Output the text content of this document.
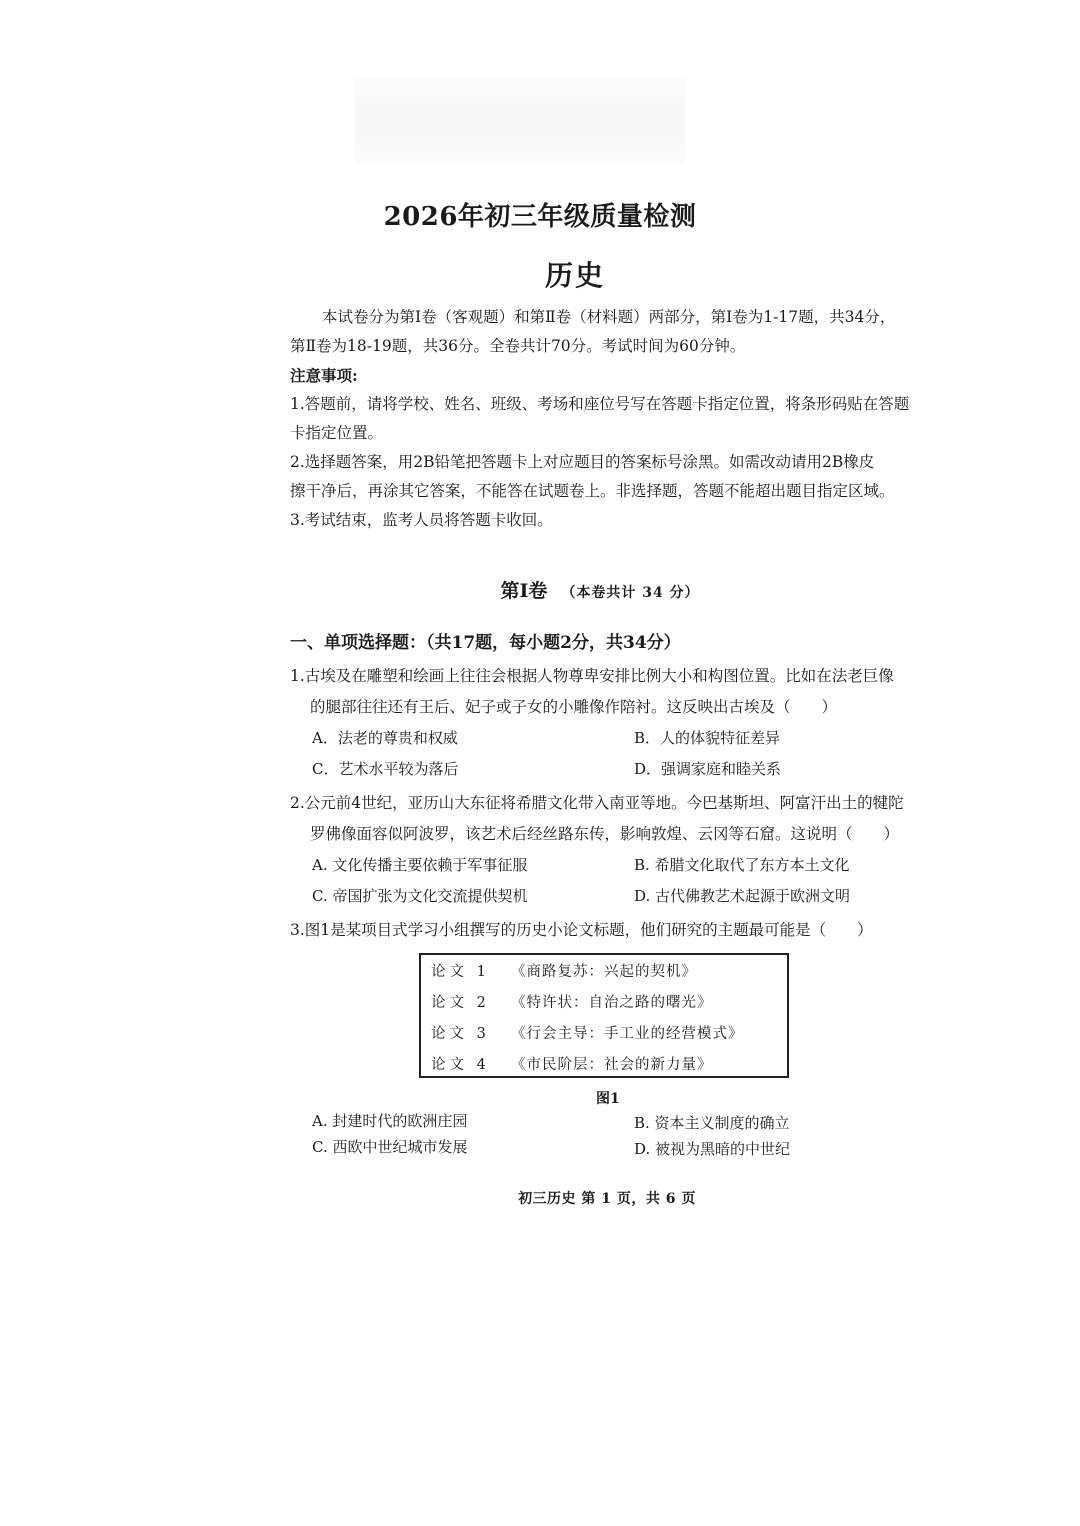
2026年初三年级质量检测
历史

本试卷分为第Ⅰ卷（客观题）和第Ⅱ卷（材料题）两部分，第Ⅰ卷为1-17题，共34分，

第Ⅱ卷为18-19题，共36分。全卷共计70分。考试时间为60分钟。

注意事项:

1.答题前，请将学校、姓名、班级、考场和座位号写在答题卡指定位置，将条形码贴在答题

卡指定位置。

2.选择题答案，用2B铅笔把答题卡上对应题目的答案标号涂黑。如需改动请用2B橡皮

擦干净后，再涂其它答案，不能答在试题卷上。非选择题，答题不能超出题目指定区域。

3.考试结束，监考人员将答题卡收回。

第Ⅰ卷 （本卷共计 34 分）
一、单项选择题：（共17题，每小题2分，共34分）

1.古埃及在雕塑和绘画上往往会根据人物尊卑安排比例大小和构图位置。比如在法老巨像

的腿部往往还有王后、妃子或子女的小雕像作陪衬。这反映出古埃及（　　）

A．法老的尊贵和权威	B．人的体貌特征差异
C．艺术水平较为落后	D．强调家庭和睦关系

2.公元前4世纪，亚历山大东征将希腊文化带入南亚等地。今巴基斯坦、阿富汗出土的犍陀

罗佛像面容似阿波罗，该艺术后经丝路东传，影响敦煌、云冈等石窟。这说明（　　）

A. 文化传播主要依赖于军事征服	B. 希腊文化取代了东方本土文化
C. 帝国扩张为文化交流提供契机	D. 古代佛教艺术起源于欧洲文明

3.图1是某项目式学习小组撰写的历史小论文标题，他们研究的主题最可能是（　　）

论文 1 《商路复苏：兴起的契机》
论文 2 《特许状：自治之路的曙光》
论文 3 《行会主导：手工业的经营模式》
论文 4 《市民阶层：社会的新力量》
图1
A. 封建时代的欧洲庄园	B. 资本主义制度的确立
C. 西欧中世纪城市发展	D. 被视为黑暗的中世纪
初三历史 第 1 页，共 6 页
